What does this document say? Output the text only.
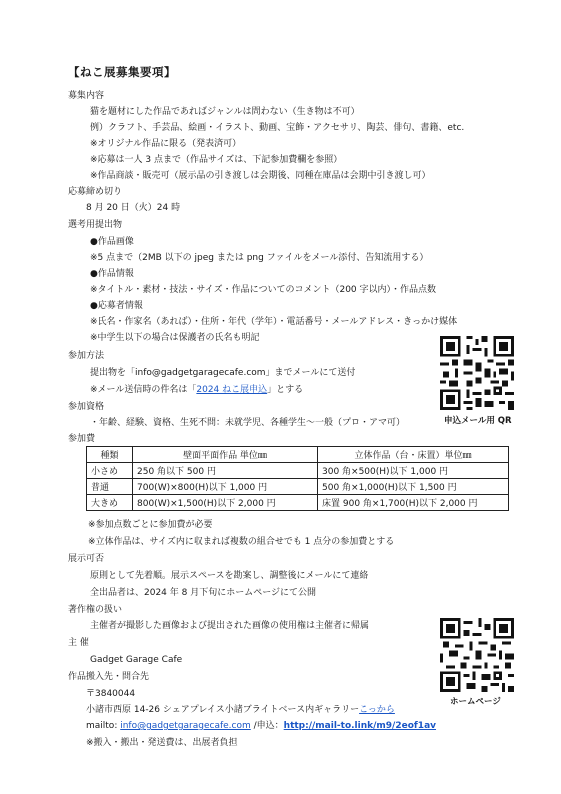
【ねこ展募集要項】
募集内容
猫を題材にした作品であればジャンルは問わない（生き物は不可）
例）クラフト、手芸品、絵画・イラスト、動画、宝飾・アクセサリ、陶芸、俳句、書籍、etc.
※オリジナル作品に限る（発表済可）
※応募は一人 3 点まで（作品サイズは、下記参加費欄を参照）
※作品商談・販売可（展示品の引き渡しは会期後、同種在庫品は会期中引き渡し可）
応募締め切り
8 月 20 日（火）24 時
選考用提出物
●作品画像
※5 点まで（2MB 以下の jpeg または png ファイルをメール添付、告知流用する）
●作品情報
※タイトル・素材・技法・サイズ・作品についてのコメント（200 字以内）・作品点数
●応募者情報
※氏名・作家名（あれば）・住所・年代（学年）・電話番号・メールアドレス・きっかけ媒体
※中学生以下の場合は保護者の氏名も明記
参加方法
提出物を「info@gadgetgaragecafe.com」までメールにて送付
※メール送信時の件名は「2024 ねこ展申込」とする
参加資格
・年齢、経験、資格、生死不問：未就学児、各種学生～一般（プロ・アマ可）
参加費
種類	壁面平面作品 単位㎜	立体作品（台・床置）単位㎜
小さめ	250 角以下 500 円	300 角×500(H)以下 1,000 円
普通	700(W)×800(H)以下 1,000 円	500 角×1,000(H)以下 1,500 円
大きめ	800(W)×1,500(H)以下 2,000 円	床置 900 角×1,700(H)以下 2,000 円
※参加点数ごとに参加費が必要
※立体作品は、サイズ内に収まれば複数の組合せでも 1 点分の参加費とする
展示可否
原則として先着順。展示スペースを勘案し、調整後にメールにて連絡
全出品者は、2024 年 8 月下旬にホームページにて公開
著作権の扱い
主催者が撮影した画像および提出された画像の使用権は主催者に帰属
主 催
Gadget Garage Cafe
作品搬入先・問合先
〒3840044
小諸市西原 14-26 シェアプレイス小諸ブライトベース内ギャラリーこっから
mailto: info@gadgetgaragecafe.com /申込：http://mail-to.link/m9/2eof1av
※搬入・搬出・発送費は、出展者負担
申込メール用 QR
ホームページ
